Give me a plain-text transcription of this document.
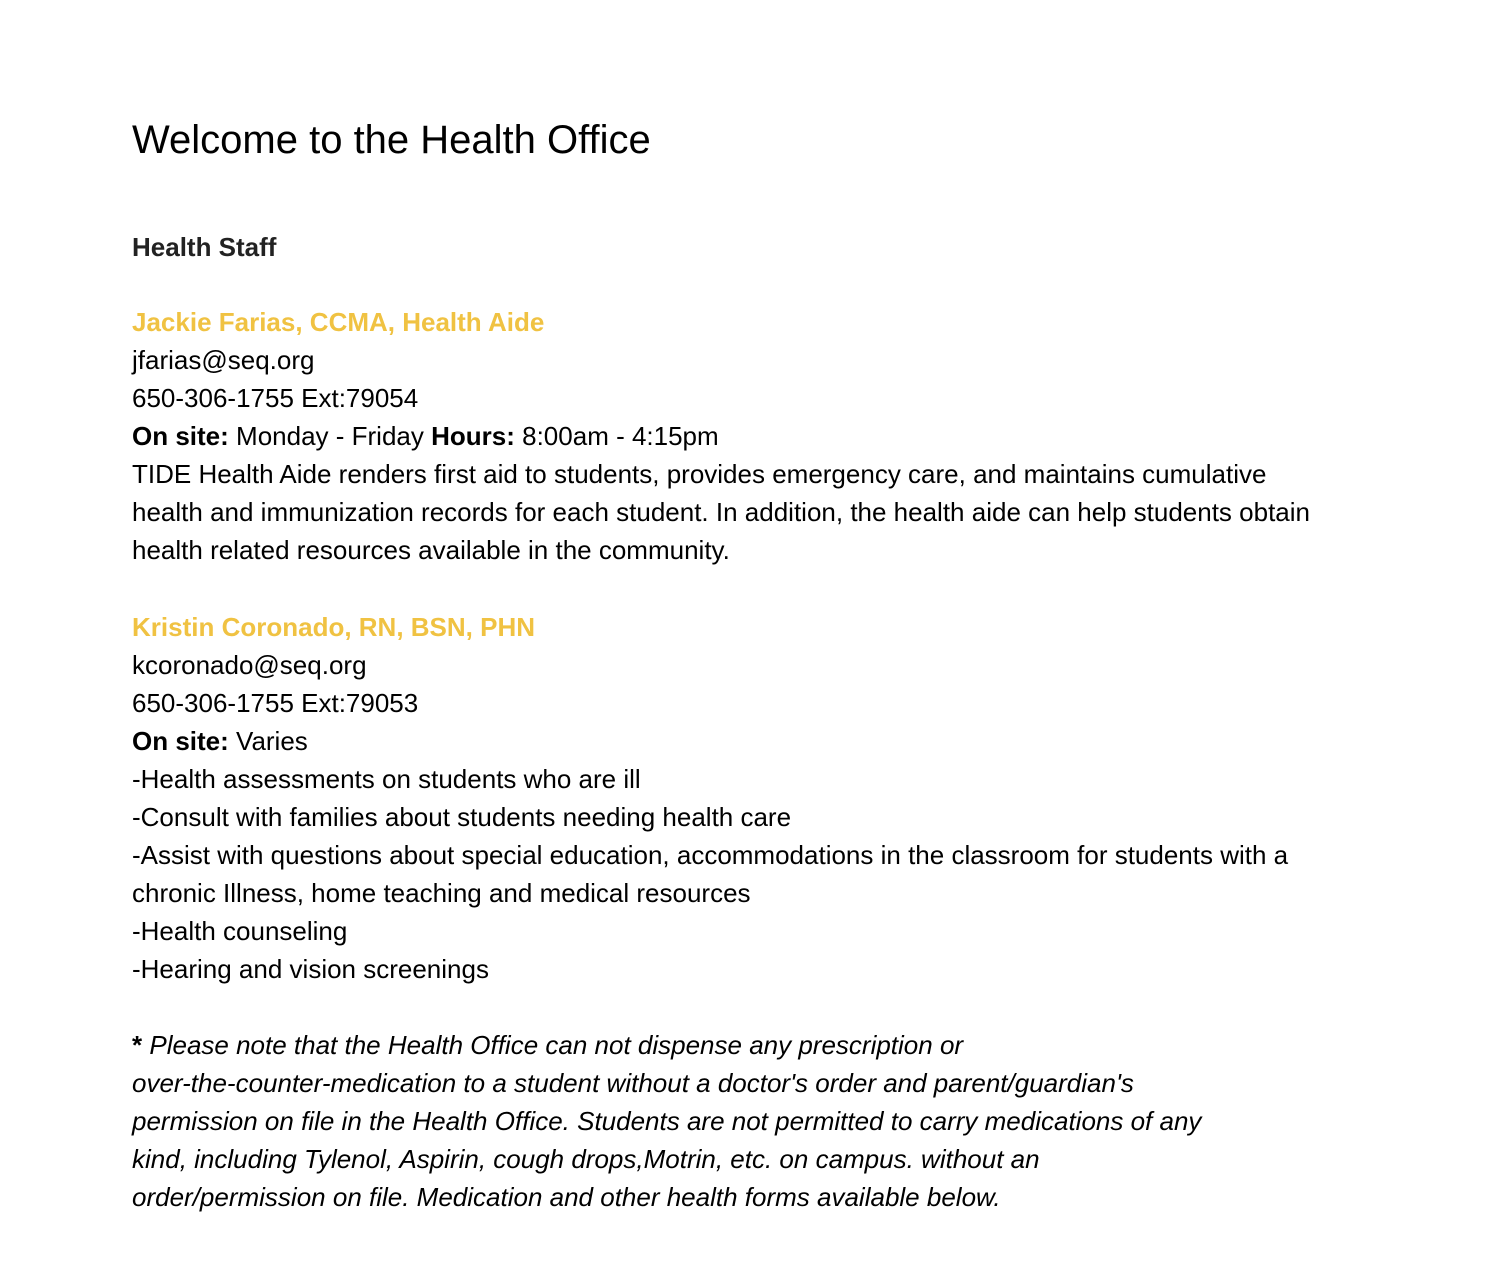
Welcome to the Health Office
Health Staff
Jackie Farias, CCMA, Health Aide
jfarias@seq.org
650-306-1755 Ext:79054
On site: Monday - Friday Hours: 8:00am - 4:15pm
TIDE Health Aide renders first aid to students, provides emergency care, and maintains cumulative health and immunization records for each student. In addition, the health aide can help students obtain health related resources available in the community.
Kristin Coronado, RN, BSN, PHN
kcoronado@seq.org
650-306-1755 Ext:79053
On site: Varies
-Health assessments on students who are ill
-Consult with families about students needing health care
-Assist with questions about special education, accommodations in the classroom for students with a chronic Illness, home teaching and medical resources
-Health counseling
-Hearing and vision screenings
* Please note that the Health Office can not dispense any prescription or
over-the-counter-medication to a student without a doctor's order and parent/guardian's
permission on file in the Health Office. Students are not permitted to carry medications of any
kind, including Tylenol, Aspirin, cough drops,Motrin, etc. on campus. without an
order/permission on file. Medication and other health forms available below.
